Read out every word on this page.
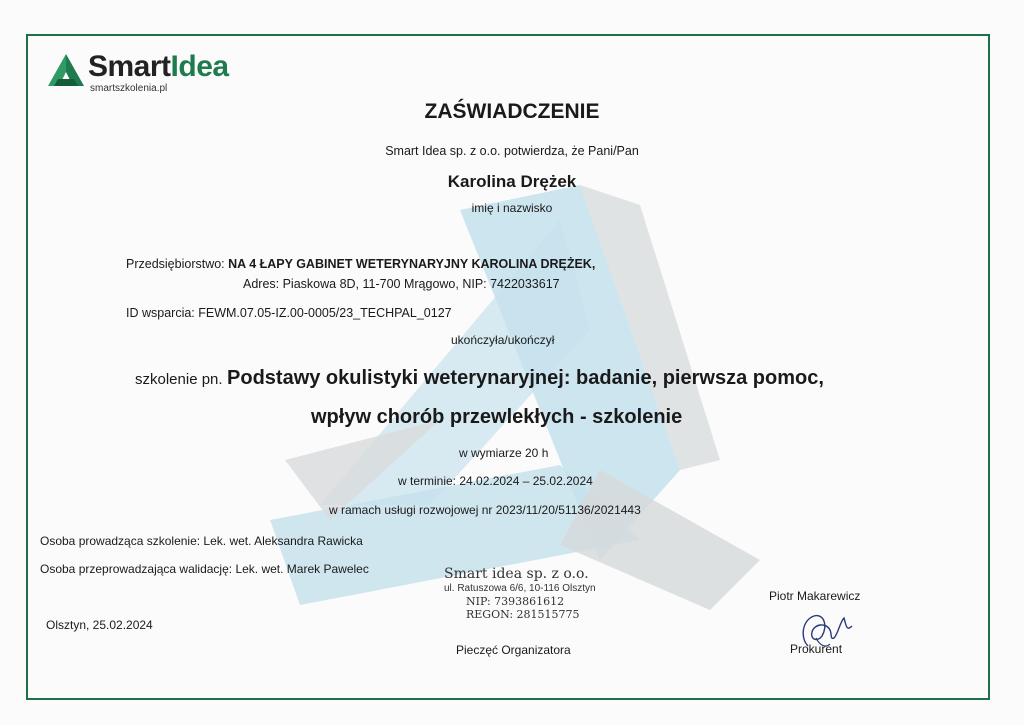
SmartIdea
smartszkolenia.pl
ZAŚWIADCZENIE
Smart Idea sp. z o.o. potwierdza, że Pani/Pan
Karolina Drężek
imię i nazwisko
Przedsiębiorstwo: NA 4 ŁAPY GABINET WETERYNARYJNY KAROLINA DRĘŻEK,
Adres: Piaskowa 8D, 11-700 Mrągowo, NIP: 7422033617
ID wsparcia: FEWM.07.05-IZ.00-0005/23_TECHPAL_0127
ukończyła/ukończył
szkolenie pn. Podstawy okulistyki weterynaryjnej: badanie, pierwsza pomoc,
wpływ chorób przewlekłych - szkolenie
w wymiarze 20 h
w terminie: 24.02.2024 – 25.02.2024
w ramach usługi rozwojowej nr 2023/11/20/51136/2021443
Osoba prowadząca szkolenie: Lek. wet. Aleksandra Rawicka
Osoba przeprowadzająca walidację: Lek. wet. Marek Pawelec
Olsztyn, 25.02.2024
Smart idea sp. z o.o.
ul. Ratuszowa 6/6, 10-116 Olsztyn
NIP: 7393861612
REGON: 281515775
Pieczęć Organizatora
Piotr Makarewicz
Prokurent
